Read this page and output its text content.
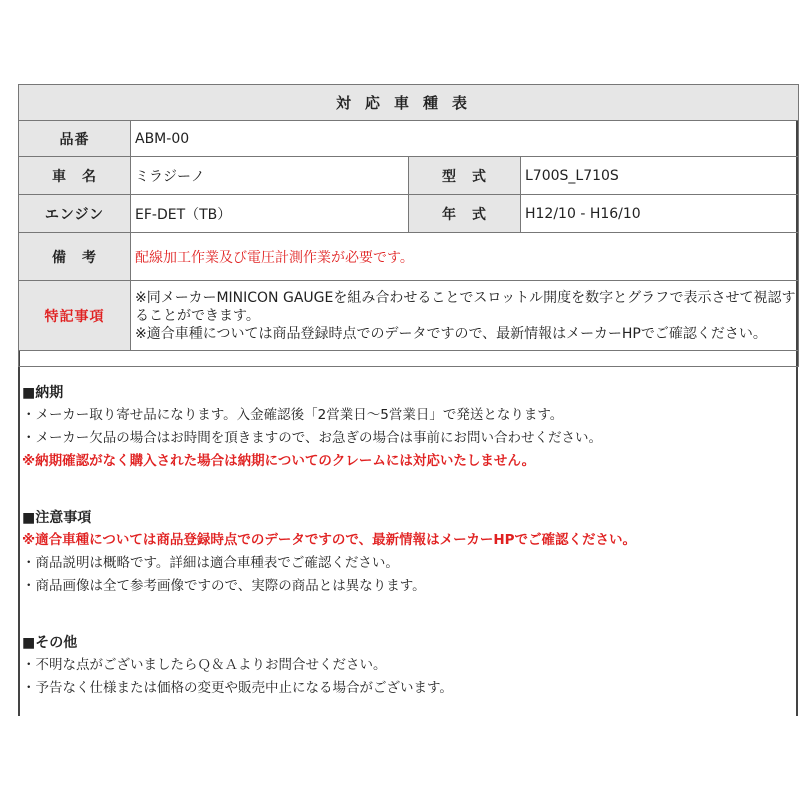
対応車種表			
品番	ABM-00		
車　名	ミラジーノ	型　式	L700S_L710S
エンジン	EF-DET（TB）	年　式	H12/10 - H16/10
備　考	配線加工作業及び電圧計測作業が必要です。		
特記事項	※同メーカーMINICON GAUGEを組み合わせることでスロットル開度を数字とグラフで表示させて視認することができます。
※適合車種については商品登録時点でのデータですので、最新情報はメーカーHPでご確認ください。		

■納期
・メーカー取り寄せ品になります。入金確認後「2営業日～5営業日」で発送となります。
・メーカー欠品の場合はお時間を頂きますので、お急ぎの場合は事前にお問い合わせください。
※納期確認がなく購入された場合は納期についてのクレームには対応いたしません。
■注意事項
※適合車種については商品登録時点でのデータですので、最新情報はメーカーHPでご確認ください。
・商品説明は概略です。詳細は適合車種表でご確認ください。
・商品画像は全て参考画像ですので、実際の商品とは異なります。
■その他
・不明な点がございましたらＱ＆Ａよりお問合せください。
・予告なく仕様または価格の変更や販売中止になる場合がございます。
